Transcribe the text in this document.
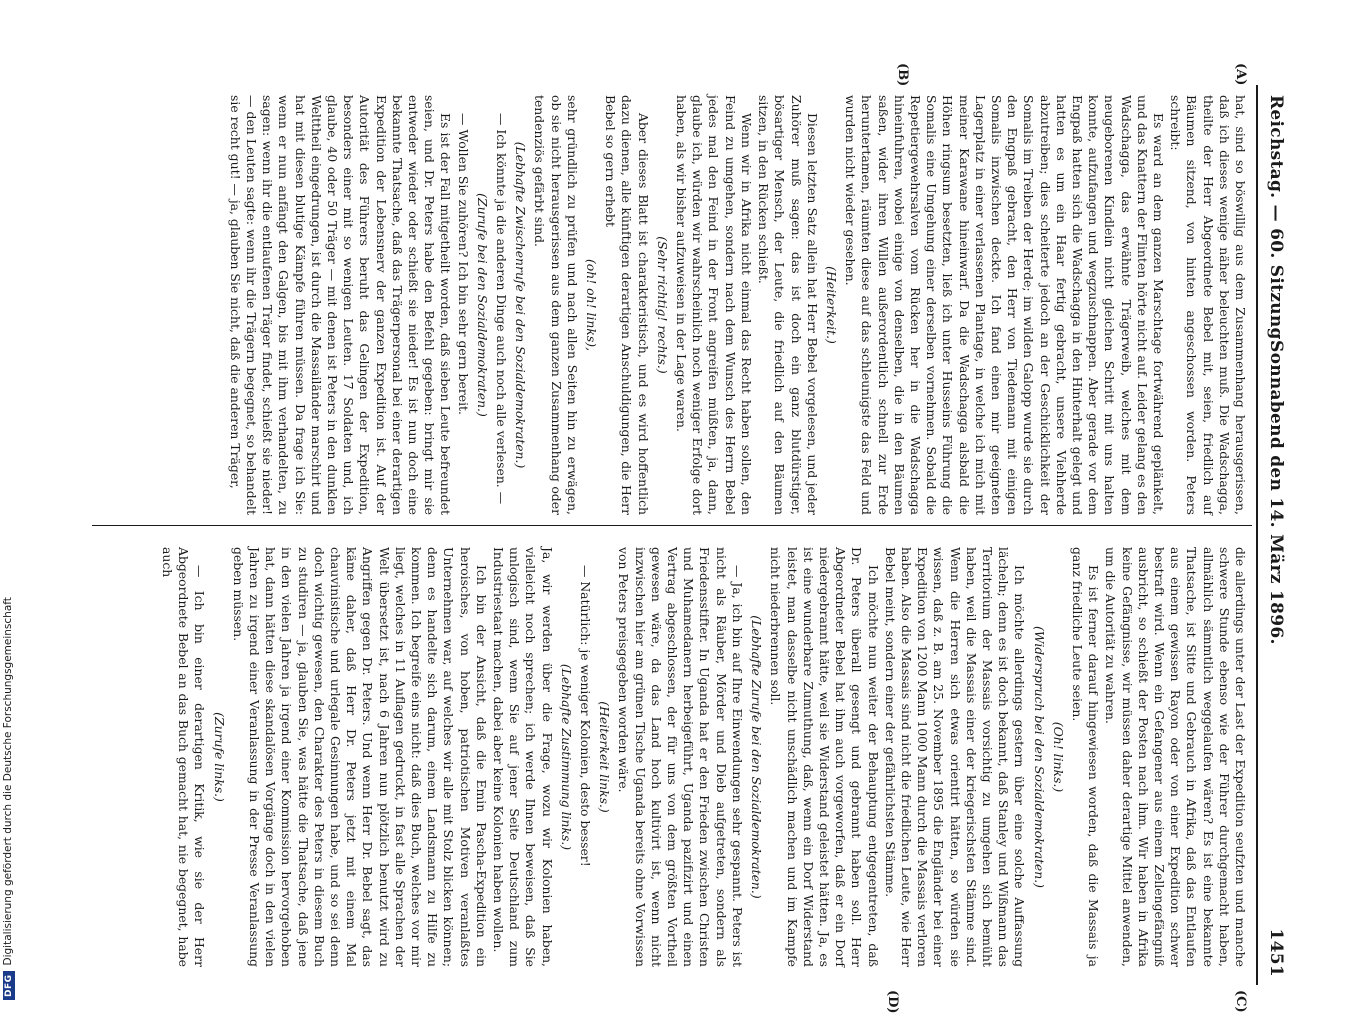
Reichstag. — 60. Sitzung.
Sonnabend den 14. März 1896.
1451
(A)
(B)
(C)
(D)

hat, sind so böswillig aus dem Zusammenhang herausgerissen, daß ich dieses wenige näher beleuchten muß. Die Wadschagga, theilte der Herr Abgeordnete Bebel mit, seien, friedlich auf Bäumen sitzend, von hinten angeschossen worden. Peters schreibt:

Es ward an dem ganzen Marschtage fortwährend geplänkelt, und das Knattern der Flinten hörte nicht auf. Leider gelang es den Wadschagga, das erwähnte Trägerweib, welches mit dem neugeborenen Kindlein nicht gleichen Schritt mit uns halten konnte, aufzufangen und wegzuschnappen. Aber gerade vor dem Engpaß hatten sich die Wadschagga in den Hinterhalt gelegt und hatten es um ein Haar fertig gebracht, unsere Viehherde abzutreiben; dies scheiterte jedoch an der Geschicklichkeit der Somalis im Treiben der Herde; im wilden Galopp wurde sie durch den Engpaß gebracht, den Herr von Tiedemann mit einigen Somalis inzwischen deckte. Ich fand einen mir geeigneten Lagerplatz in einer verlassenen Plantage, in welche ich mich mit meiner Karawane hineinwarf. Da die Wadschagga alsbald die Höhen ringsum besetzten, ließ ich unter Husseins Führung die Somalis eine Umgehung einer derselben vornehmen. Sobald die Repetiergewehrsalven vom Rücken her in die Wadschagga hineinfuhren, wobei einige von denselben, die in den Bäumen saßen, wider ihren Willen außerordentlich schnell zur Erde heruntertamen, räumten diese auf das schleunigste das Feld und wurden nicht wieder gesehen.

(Heiterkeit.)

Diesen letzten Satz allein hat Herr Bebel vorgelesen, und jeder Zuhörer muß sagen: das ist doch ein ganz blutdürstiger, bösartiger Mensch, der Leute, die friedlich auf den Bäumen sitzen, in den Rücken schießt.

Wenn wir in Afrika nicht einmal das Recht haben sollen, den Feind zu umgehen, sondern nach dem Wunsch des Herrn Bebel jedes mal den Feind in der Front angreifen müßten, ja, dann, glaube ich, würden wir wahrscheinlich noch weniger Erfolge dort haben, als wir bisher aufzuweisen in der Lage waren.

(Sehr richtig! rechts.)

Aber dieses Blatt ist charakteristisch, und es wird hoffentlich dazu dienen, alle künftigen derartigen Anschuldigungen, die Herr Bebel so gern erhebt

(oh! oh! links),

sehr gründlich zu prüfen und nach allen Seiten hin zu erwägen, ob sie nicht herausgerissen aus dem ganzen Zusammenhang oder tendenziös gefärbt sind.

(Lebhafte Zwischenrufe bei den Sozialdemokraten.)

— Ich könnte ja die anderen Dinge auch noch alle verlesen. —

(Zurufe bei den Sozialdemokraten.)

— Wollen Sie zuhören? Ich bin sehr gern bereit.

Es ist der Fall mitgetheilt worden, daß sieben Leute befreundet seien, und Dr. Peters habe den Befehl gegeben: bringt mir sie entweder wieder oder schießt sie nieder! Es ist nun doch eine bekannte Thatsache, daß das Trägerpersonal bei einer derartigen Expedition der Lebensnerv der ganzen Expedition ist. Auf der Autorität des Führers beruht das Gelingen der Expedition, besonders einer mit so wenigen Leuten. 17 Soldaten und, ich glaube, 40 oder 50 Träger — mit denen ist Peters in den dunklen Welttheil eingedrungen, ist durch die Massailänder marschirt und hat mit diesen blutige Kämpfe führen müssen. Da frage ich Sie: wenn er nun anfängt den Galgen, bis mit ihm verhandelten, zu sagen: wenn ihr die entlaufenen Träger findet, schießt sie nieder! — den Leuten sagte: wenn ihr die Trägern begegnet, so behandelt sie recht gut! — ja, glauben Sie nicht, daß die anderen Träger,

die allerdings unter der Last der Expedition seufzten und manche schwere Stunde ebenso wie der Führer durchgemacht haben, allmählich sämmtlich weggelaufen wären? Es ist eine bekannte Thatsache, ist Sitte und Gebrauch in Afrika, daß das Entlaufen aus einem gewissen Rayon oder von einer Expedition schwer bestraft wird. Wenn ein Gefangener aus einem Zellengefängniß ausbricht, so schießt der Posten nach ihm. Wir haben in Afrika keine Gefängnisse, wir müssen daher derartige Mittel anwenden, um die Autorität zu wahren.

Es ist ferner darauf hingewiesen worden, daß die Massais ja ganz friedliche Leute seien.

(Oh! links.)

(Widerspruch bei den Sozialdemokraten.)

Ich möchte allerdings gestern über eine solche Auffassung lächeln; denn es ist doch bekannt, daß Stanley und Wißmann das Territorium der Massais vorsichtig zu umgehen sich bemüht haben, weil die Massais einer der kriegerischsten Stämme sind. Wenn die Herren sich etwas orientirt hätten, so würden sie wissen, daß z. B. am 25. November 1895 die Engländer bei einer Expedition von 1200 Mann 1000 Mann durch die Massais verloren haben. Also die Massais sind nicht die friedlichen Leute, wie Herr Bebel meint, sondern einer der gefährlichsten Stämme.

Ich möchte nun weiter der Behauptung entgegentreten, daß Dr. Peters überall gesengt und gebrannt haben soll. Herr Abgeordneter Bebel hat ihm auch vorgeworfen, daß er ein Dorf niedergebrannt hätte, weil sie Widerstand geleistet hätten. Ja, es ist eine wunderbare Zumuthung, daß, wenn ein Dorf Widerstand leistet, man dasselbe nicht unschädlich machen und im Kampfe nicht niederbrennen soll.

(Lebhafte Zurufe bei den Sozialdemokraten.)

— Ja, ich bin auf Ihre Einwendungen sehr gespannt. Peters ist nicht als Räuber, Mörder und Dieb aufgetreten, sondern als Friedensstifter. In Uganda hat er den Frieden zwischen Christen und Muhamedanern herbeigeführt, Uganda pazifizirt und einen Vertrag abgeschlossen, der für uns von dem größten Vortheil gewesen wäre, da das Land hoch kultivirt ist, wenn nicht inzwischen hier am grünen Tische Uganda bereits ohne Vorwissen von Peters preisgegeben worden wäre.

(Heiterkeit links.)

— Natürlich: je weniger Kolonien, desto besser!

(Lebhafte Zustimmung links.)

Ja, wir werden über die Frage, wozu wir Kolonien haben, vielleicht noch sprechen; ich werde Ihnen beweisen, daß Sie unlogisch sind, wenn Sie auf jener Seite Deutschland zum Industriestaat machen, dabei aber keine Kolonien haben wollen.

Ich bin der Ansicht, daß die Emin Pascha-Expedition ein heroisches, von hoben, patriotischen Motiven veranlaßtes Unternehmen war, auf welches wir alle mit Stolz blicken können; denn es handelte sich darum, einem Landsmann zu Hilfe zu kommen. Ich begreife eins nicht: daß dies Buch, welches vor mir liegt, welches in 11 Auflagen gedruckt, in fast alle Sprachen der Welt übersetzt ist, nach 6 Jahren nun plötzlich benutzt wird zu Angriffen gegen Dr. Peters. Und wenn Herr Dr. Bebel sagt, das käme daher, daß Herr Dr. Peters jetzt mit einem Mal chauvinistische und urlegale Gesinnungen habe, und so sei denn doch wichtig gewesen, den Charakter des Peters in diesem Buch zu studiren — ja, glauben Sie, was hätte die Thatsache, daß jene in den vielen Jahren ja irgend einer Kommission hervorgehoben hat, dann hätten diese skandalösen Vorgänge doch in den vielen Jahren zu irgend einer Veranlassung in der Presse Veranlassung geben müssen.

(Zurufe links.)

— Ich bin einer derartigen Kritik, wie sie der Herr Abgeordnete Bebel an das Buch gemacht hat, nie begegnet, habe auch

DFGDigitalisierung gefördert durch die Deutsche Forschungsgemeinschaft
